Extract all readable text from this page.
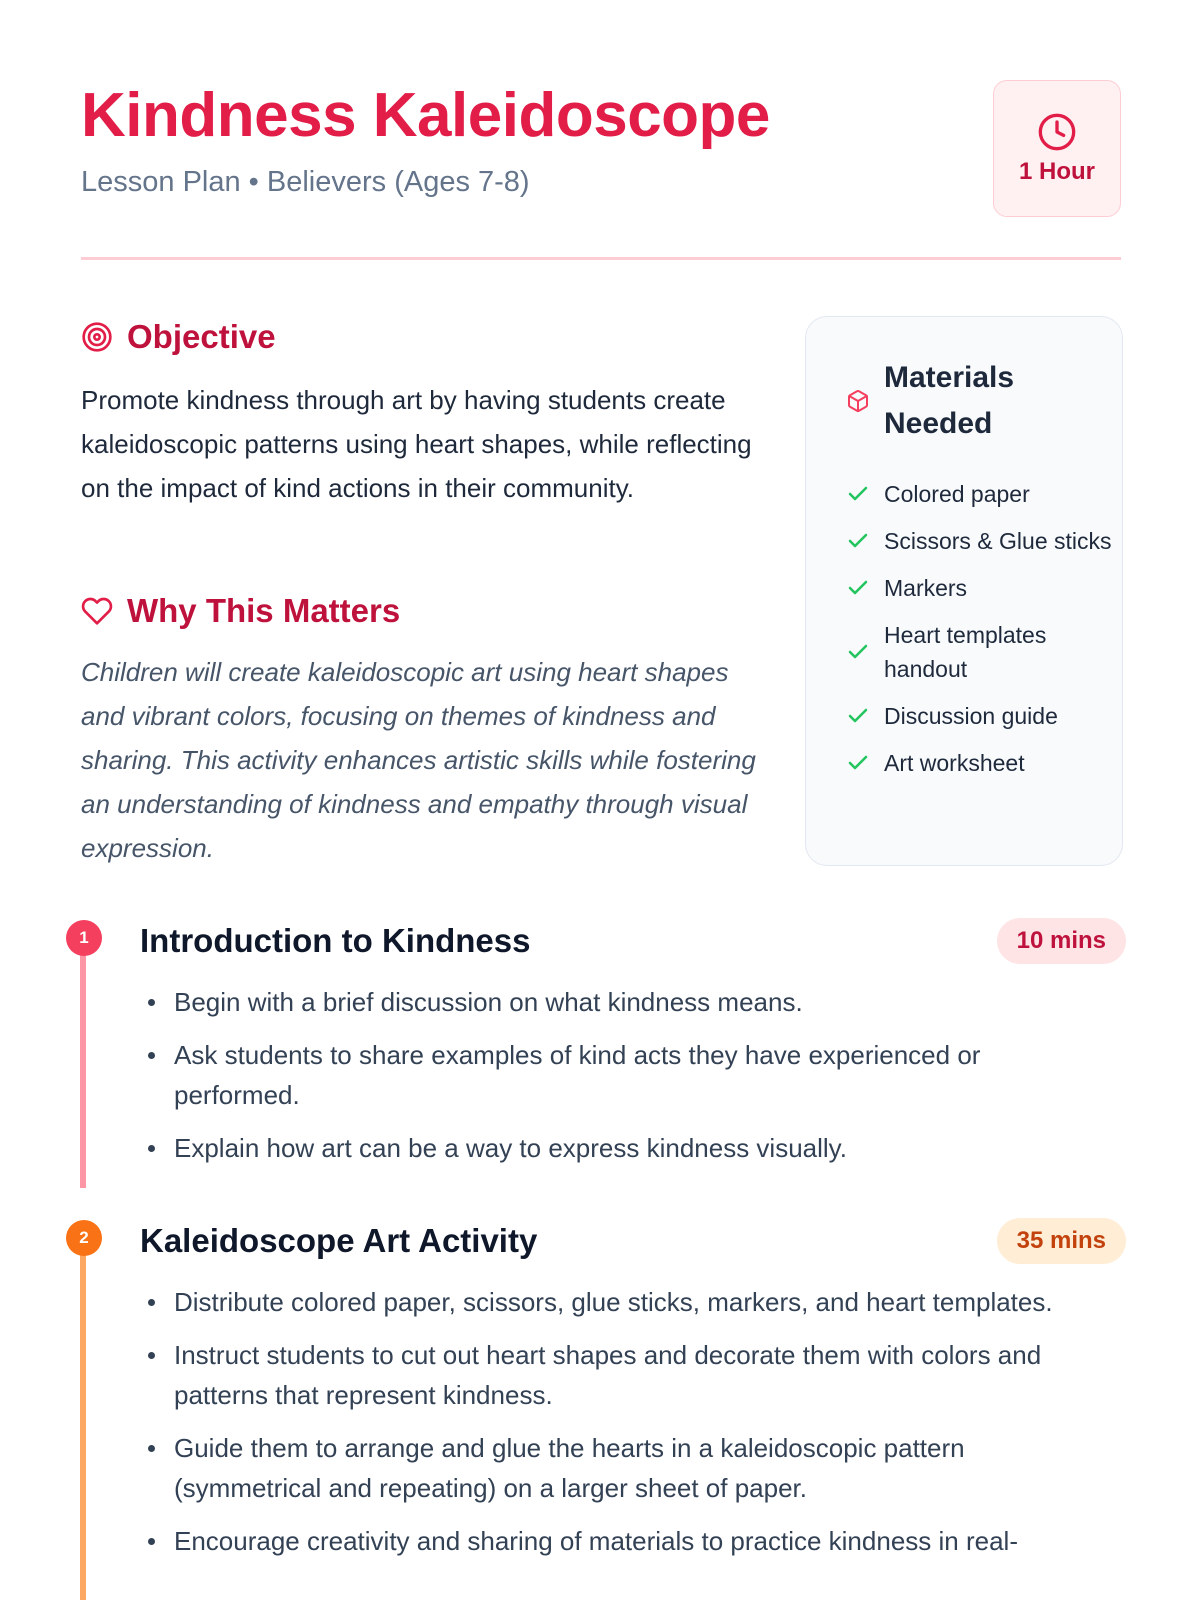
Kindness Kaleidoscope
Lesson Plan • Believers (Ages 7-8)	1 Hour
Objective

Promote kindness through art by having students create kaleidoscopic patterns using heart shapes, while reflecting on the impact of kind actions in their community.

Why This Matters

Children will create kaleidoscopic art using heart shapes and vibrant colors, focusing on themes of kindness and sharing. This activity enhances artistic skills while fostering an understanding of kindness and empathy through visual expression.

Materials Needed
Colored paper
Scissors & Glue sticks
Markers
Heart templates handout
Discussion guide
Art worksheet
1	Introduction to Kindness	10 mins
Begin with a brief discussion on what kindness means.
Ask students to share examples of kind acts they have experienced or performed.
Explain how art can be a way to express kindness visually.
2	Kaleidoscope Art Activity	35 mins
Distribute colored paper, scissors, glue sticks, markers, and heart templates.
Instruct students to cut out heart shapes and decorate them with colors and patterns that represent kindness.
Guide them to arrange and glue the hearts in a kaleidoscopic pattern (symmetrical and repeating) on a larger sheet of paper.
Encourage creativity and sharing of materials to practice kindness in real-
